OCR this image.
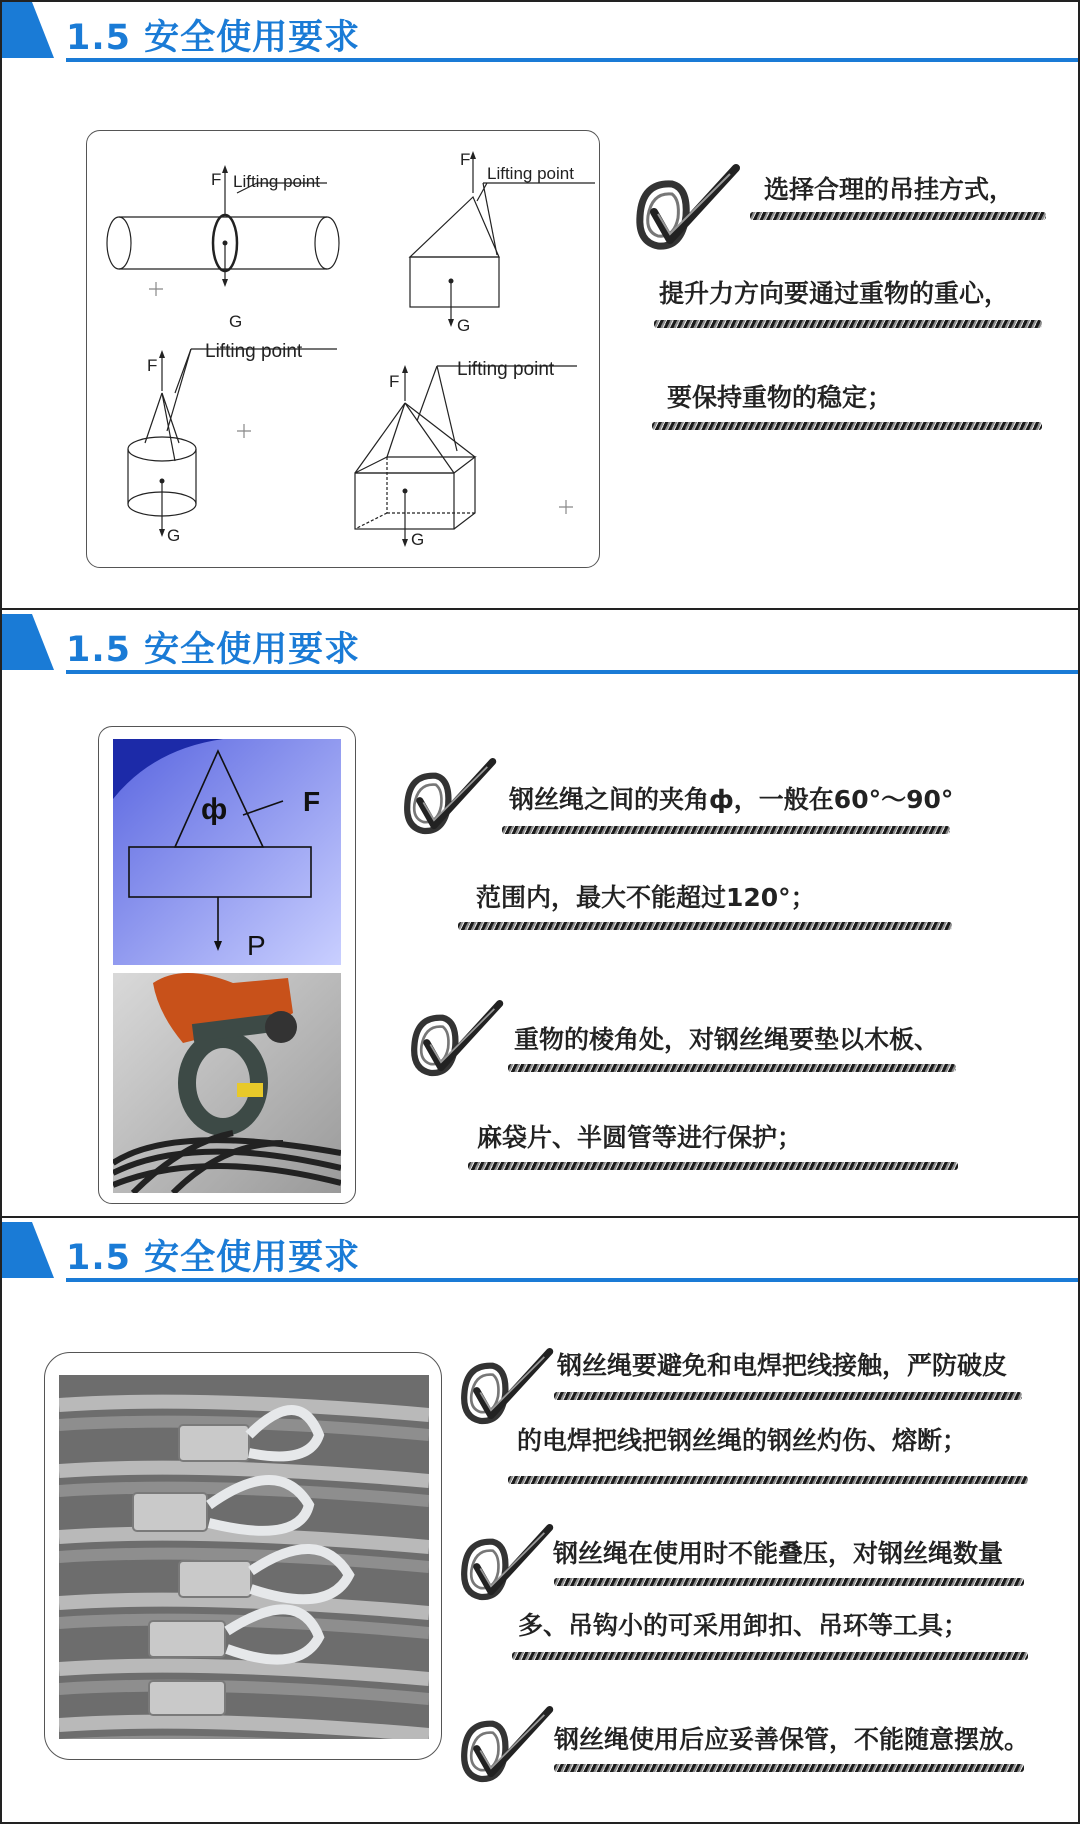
1.5 安全使用要求
Lifting point	Lifting point
Lifting point
Lifting point
F
G
F
G
F
G
F
G
选择合理的吊挂方式，
提升力方向要通过重物的重心，
要保持重物的稳定；
1.5 安全使用要求
ф	F
P
钢丝绳之间的夹角ф，一般在60°～90°
范围内，最大不能超过120°；
重物的棱角处，对钢丝绳要垫以木板、
麻袋片、半圆管等进行保护；
1.5 安全使用要求
钢丝绳要避免和电焊把线接触，严防破皮
的电焊把线把钢丝绳的钢丝灼伤、熔断；
钢丝绳在使用时不能叠压，对钢丝绳数量
多、吊钩小的可采用卸扣、吊环等工具；
钢丝绳使用后应妥善保管，不能随意摆放。
